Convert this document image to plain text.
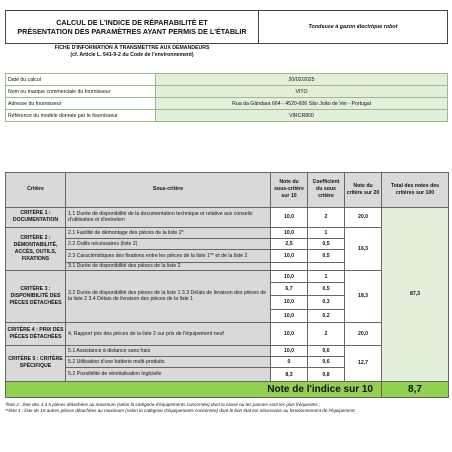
CALCUL DE L'INDICE DE RÉPARABILITÉ ET
PRÉSENTATION DES PARAMÈTRES AYANT PERMIS DE L'ÉTABLIR	Tondeuse à gazon électrique robot
FICHE D'INFORMATION À TRANSMETTRE AUX DEMANDEURS
(cf. Article L. 541-9-2 du Code de l'environnement)
Date du calcul	20/02/2025
Nom ou marque commerciale du fournisseur	VITO
Adresse du fournisseur	Rua da Gândara 664 - 4520-606 São João de Ver - Portugal
Référence du modèle donnée par le fournisseur	VIRCR800
Critère	Sous-critère	Note du sous-critère sur 10	Coefficient du sous critère	Note du critère sur 20	Total des notes des critères sur 100
CRITÈRE 1 : DOCUMENTATION	1.1 Durée de disponibilité de la documentation technique et relative aux conseils d'utilisation et d'entretien	10,0	2	20,0	87,3
CRITÈRE 2 : DÉMONTABILITÉ, ACCÈS, OUTILS, FIXATIONS	2.1 Facilité de démontage des pièces de la liste 2*	10,0	1	16,3	
	2.2 Outils nécessaires (liste 2)	2,5	0,5		
	2.3 Caractéristiques des fixations entre les pièces de la liste 1** et de la liste 2	10,0	0,5		
	3.1 Durée de disponibilité des pièces de la liste 2				
CRITÈRE 3 : DISPONIBILITÉ DES PIÈCES DÉTACHÉES	3.2 Durée de disponibilité des pièces de la liste 1 3.3 Délais de livraison des pièces de la liste 2 3.4 Délais de livraison des pièces de la liste 1	10,0	1	18,3	
		6,7	0,5		
		10,0	0,3		
		10,0	0,2		
CRITÈRE 4 : PRIX DES PIÈCES DÉTACHÉES	4. Rapport prix des pièces de la liste 2 sur prix de l'équipement neuf	10,0	2	20,0	
CRITÈRE 5 : CRITÈRE SPÉCIFIQUE	5.1 Assistance à distance sans frais	10,0	0,6	12,7	
	5.2 Utilisation d'une batterie multi-produits	0	0,6		
	5.2 Possibilité de réinitialisation logicielle	8,3	0,8		
Note de l'indice sur 10					8,7
*liste 2 : liste des 3 à 5 pièces détachées au maximum (selon la catégorie d'équipements concernée) dont la casse ou les pannes sont les plus fréquentes ;
**liste 1 : liste de 10 autres pièces détachées au maximum (selon la catégorie d'équipements concernée) dont le bon état est nécessaire au fonctionnement de l'équipement.
